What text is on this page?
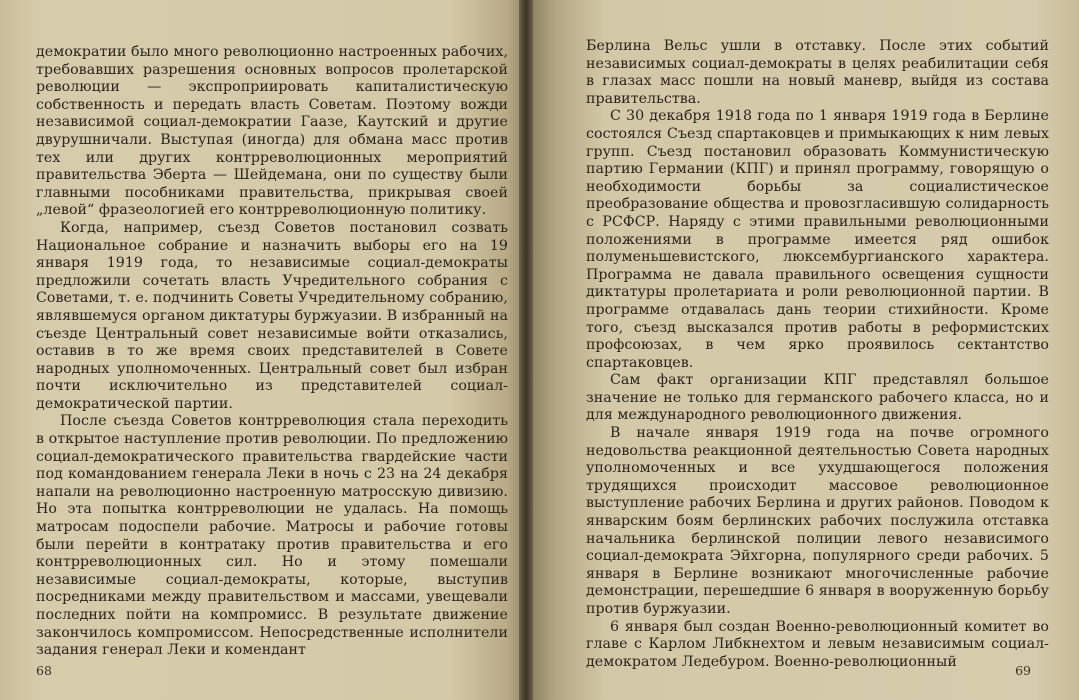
демократии было много революционно настроенных рабочих, требовавших разрешения основных вопросов пролетарской революции — экспроприировать капиталистическую собственность и передать власть Советам. Поэтому вожди независимой социал-демократии Гаазе, Каутский и другие двурушничали. Выступая (иногда) для обмана масс против тех или других контрреволюционных мероприятий правительства Эберта — Шейдемана, они по существу были главными пособниками правительства, прикрывая своей „левой“ фразеологией его контрреволюционную политику.

Когда, например, съезд Советов постановил созвать Национальное собрание и назначить выборы его на 19 января 1919 года, то независимые социал-демократы предложили сочетать власть Учредительного собрания с Советами, т. е. подчинить Советы Учредительному собранию, являвшемуся органом диктатуры буржуазии. В избранный на съезде Центральный совет независимые войти отказались, оставив в то же время своих представителей в Совете народных уполномоченных. Центральный совет был избран почти исключительно из представителей социал-демократической партии.

После съезда Советов контрреволюция стала переходить в открытое наступление против революции. По предложению социал-демократического правительства гвардейские части под командованием генерала Леки в ночь с 23 на 24 декабря напали на революционно настроенную матросскую дивизию. Но эта попытка контрреволюции не удалась. На помощь матросам подоспели рабочие. Матросы и рабочие готовы были перейти в контратаку против правительства и его контрреволюционных сил. Но и этому помешали независимые социал-демократы, которые, выступив посредниками между правительством и массами, увещевали последних пойти на компромисс. В результате движение закончилось компромиссом. Непосредственные исполнители задания генерал Леки и комендант

68

Берлина Вельс ушли в отставку. После этих событий независимых социал-демократы в целях реабилитации себя в глазах масс пошли на новый маневр, выйдя из состава правительства.

С 30 декабря 1918 года по 1 января 1919 года в Берлине состоялся Съезд спартаковцев и примыкающих к ним левых групп. Съезд постановил образовать Коммунистическую партию Германии (КПГ) и принял программу, говорящую о необходимости борьбы за социалистическое преобразование общества и провозгласившую солидарность с РСФСР. Наряду с этими правильными революционными положениями в программе имеется ряд ошибок полуменьшевистского, люксембургианского характера. Программа не давала правильного освещения сущности диктатуры пролетариата и роли революционной партии. В программе отдавалась дань теории стихийности. Кроме того, съезд высказался против работы в реформистских профсоюзах, в чем ярко проявилось сектантство спартаковцев.

Сам факт организации КПГ представлял большое значение не только для германского рабочего класса, но и для международного революционного движения.

В начале января 1919 года на почве огромного недовольства реакционной деятельностью Совета народных уполномоченных и все ухудшающегося положения трудящихся происходит массовое революционное выступление рабочих Берлина и других районов. Поводом к январским боям берлинских рабочих послужила отставка начальника берлинской полиции левого независимого социал-демократа Эйхгорна, популярного среди рабочих. 5 января в Берлине возникают многочисленные рабочие демонстрации, перешедшие 6 января в вооруженную борьбу против буржуазии.

6 января был создан Военно-революционный комитет во главе с Карлом Либкнехтом и левым независимым социал-демократом Ледебуром. Военно-революционный

69
